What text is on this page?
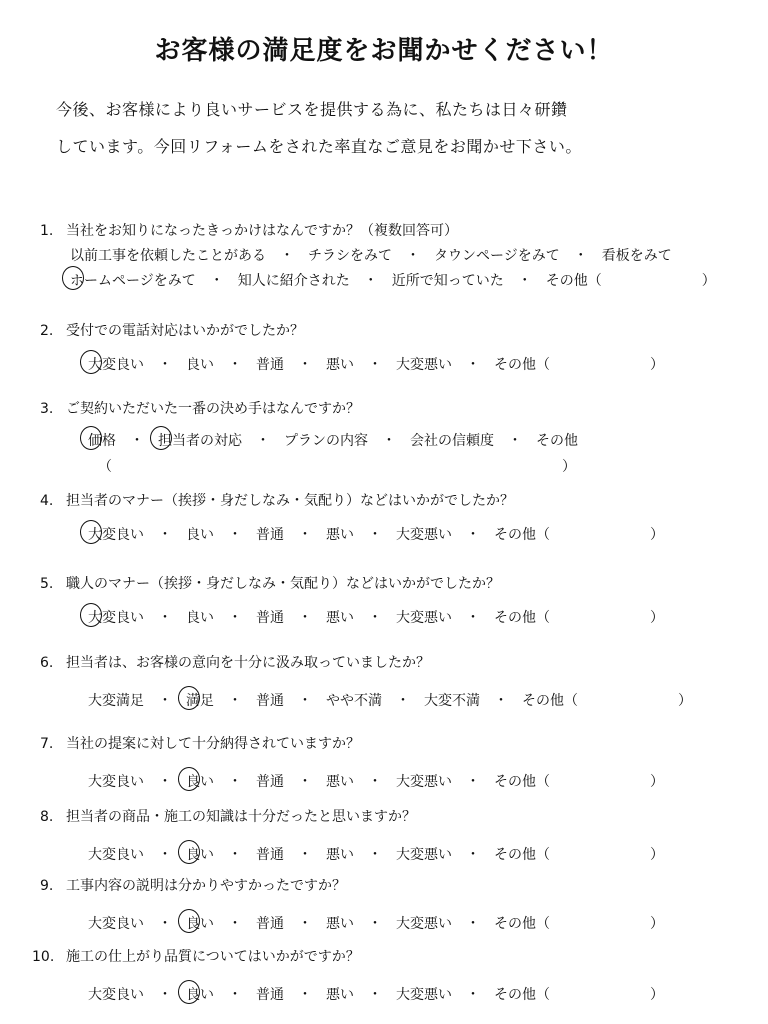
お客様の満足度をお聞かせください！
今後、お客様により良いサービスを提供する為に、私たちは日々研鑽
しています。今回リフォームをされた率直なご意見をお聞かせ下さい。
1. 当社をお知りになったきっかけはなんですか？（複数回答可）
以前工事を依頼したことがある ・ チラシをみて ・ タウンページをみて ・ 看板をみて
ホームページをみて ・ 知人に紹介された ・ 近所で知っていた ・ その他（	）
2. 受付での電話対応はいかがでしたか？
大変良い ・ 良い ・ 普通 ・ 悪い ・ 大変悪い ・ その他（	）
3. ご契約いただいた一番の決め手はなんですか？
価格 ・ 担当者の対応 ・ プランの内容 ・ 会社の信頼度 ・ その他
（	）
4. 担当者のマナー（挨拶・身だしなみ・気配り）などはいかがでしたか？
大変良い ・ 良い ・ 普通 ・ 悪い ・ 大変悪い ・ その他（	）
5. 職人のマナー（挨拶・身だしなみ・気配り）などはいかがでしたか？
大変良い ・ 良い ・ 普通 ・ 悪い ・ 大変悪い ・ その他（	）
6. 担当者は、お客様の意向を十分に汲み取っていましたか？
大変満足 ・ 満足 ・ 普通 ・ やや不満 ・ 大変不満 ・ その他（	）
7. 当社の提案に対して十分納得されていますか？
大変良い ・ 良い ・ 普通 ・ 悪い ・ 大変悪い ・ その他（	）
8. 担当者の商品・施工の知識は十分だったと思いますか？
大変良い ・ 良い ・ 普通 ・ 悪い ・ 大変悪い ・ その他（	）
9. 工事内容の説明は分かりやすかったですか？
大変良い ・ 良い ・ 普通 ・ 悪い ・ 大変悪い ・ その他（	）
10. 施工の仕上がり品質についてはいかがですか？
大変良い ・ 良い ・ 普通 ・ 悪い ・ 大変悪い ・ その他（	）
